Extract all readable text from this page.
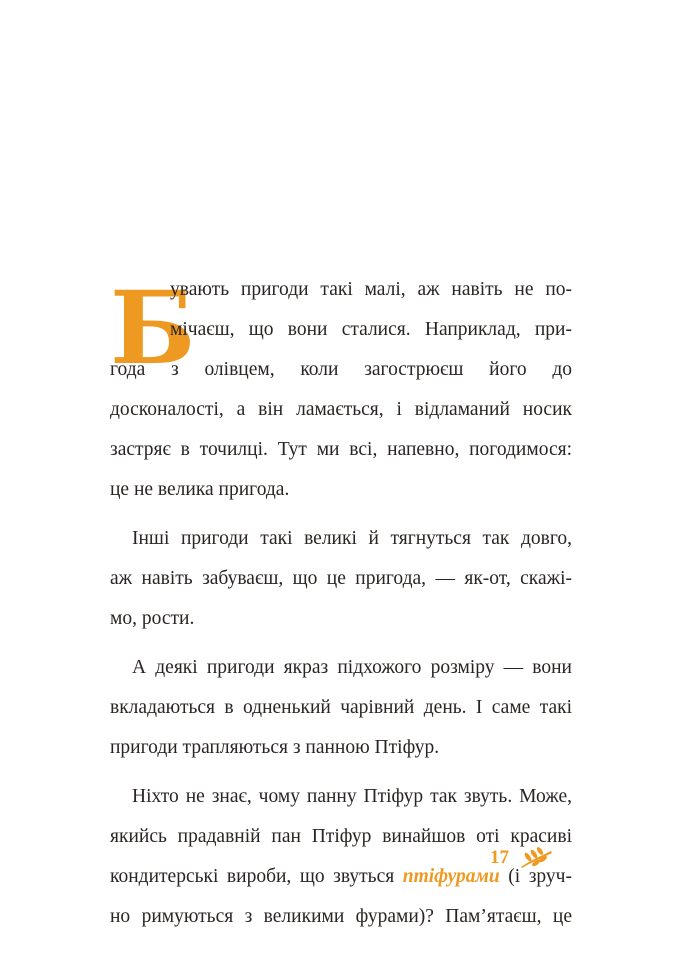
Б
увають пригоди такі малі, аж навіть не по-
мічаєш, що вони сталися. Наприклад, при-
года з олівцем, коли загострюєш його до
досконалості, а він ламається, і відламаний носик
застряє в точилці. Тут ми всі, напевно, погодимося:
це не велика пригода.
Інші пригоди такі великі й тягнуться так довго,
аж навіть забуваєш, що це пригода, — як-от, скажі-
мо, рости.
А деякі пригоди якраз підхожого розміру — вони
вкладаються в одненький чарівний день. І саме такі
пригоди трапляються з панною Птіфур.
Ніхто не знає, чому панну Птіфур так звуть. Може,
якийсь прадавній пан Птіфур винайшов оті красиві
кондитерські вироби, що звуться птіфурами (і зруч-
но римуються з великими фурами)? Пам’ятаєш, це
17
